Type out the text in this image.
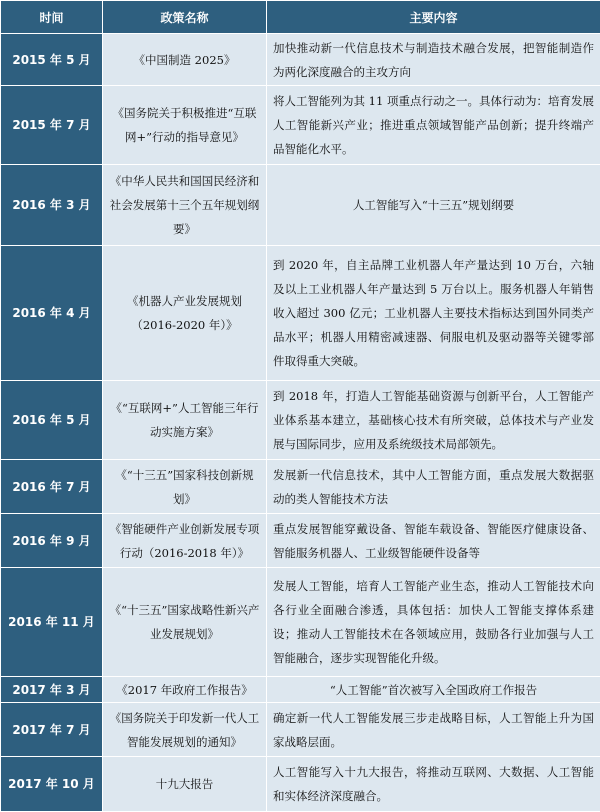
时间	政策名称	主要内容
2015 年 5 月	《中国制造 2025》	加快推动新一代信息技术与制造技术融合发展，把智能制造作为两化深度融合的主攻方向
2015 年 7 月	《国务院关于积极推进“互联网+”行动的指导意见》	将人工智能列为其 11 项重点行动之一。具体行动为：培育发展人工智能新兴产业；推进重点领域智能产品创新；提升终端产品智能化水平。
2016 年 3 月	《中华人民共和国国民经济和社会发展第十三个五年规划纲要》	人工智能写入“十三五”规划纲要
2016 年 4 月	《机器人产业发展规划（2016-2020 年）》	到 2020 年，自主品牌工业机器人年产量达到 10 万台，六轴及以上工业机器人年产量达到 5 万台以上。服务机器人年销售收入超过 300 亿元；工业机器人主要技术指标达到国外同类产品水平；机器人用精密减速器、伺服电机及驱动器等关键零部件取得重大突破。
2016 年 5 月	《“互联网+”人工智能三年行动实施方案》	到 2018 年，打造人工智能基础资源与创新平台，人工智能产业体系基本建立，基础核心技术有所突破，总体技术与产业发展与国际同步，应用及系统级技术局部领先。
2016 年 7 月	《“十三五”国家科技创新规划》	发展新一代信息技术，其中人工智能方面，重点发展大数据驱动的类人智能技术方法
2016 年 9 月	《智能硬件产业创新发展专项行动（2016-2018 年）》	重点发展智能穿戴设备、智能车载设备、智能医疗健康设备、智能服务机器人、工业级智能硬件设备等
2016 年 11 月	《“十三五”国家战略性新兴产业发展规划》	发展人工智能，培育人工智能产业生态，推动人工智能技术向各行业全面融合渗透，具体包括：加快人工智能支撑体系建设；推动人工智能技术在各领域应用，鼓励各行业加强与人工智能融合，逐步实现智能化升级。
2017 年 3 月	《2017 年政府工作报告》	“人工智能”首次被写入全国政府工作报告
2017 年 7 月	《国务院关于印发新一代人工智能发展规划的通知》	确定新一代人工智能发展三步走战略目标，人工智能上升为国家战略层面。
2017 年 10 月	十九大报告	人工智能写入十九大报告，将推动互联网、大数据、人工智能和实体经济深度融合。
